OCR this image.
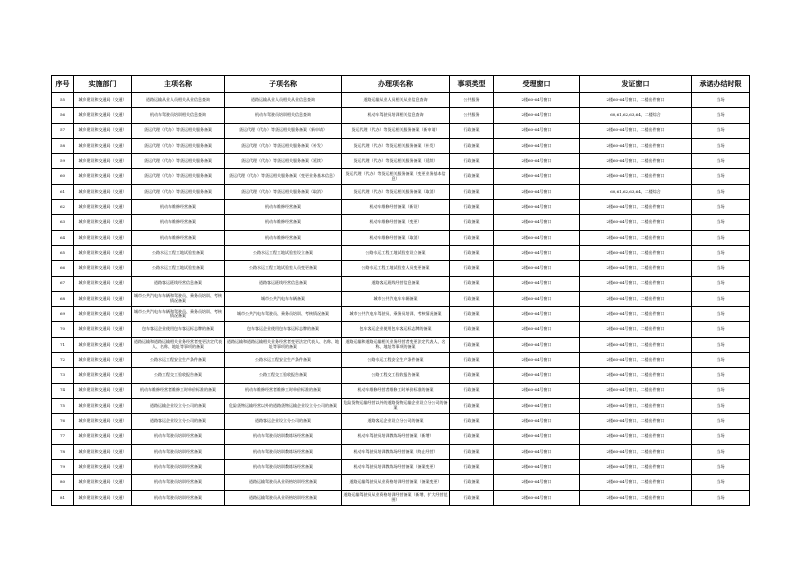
序号	实施部门	主项名称	子项名称	办理项名称	事项类型	受理窗口	发证窗口	承诺办结时限
55	城乡建设和交通局（交通）	道路运输从业人员相关从业信息查询	道路运输从业人员相关从业信息查询	道路运输从业人员相关从业信息查询	公共服务	2楼60-64号窗口	2楼60-64号窗口，二楼出件窗口	当场
56	城乡建设和交通局（交通）	机动车驾驶员培训相关信息查询	机动车驾驶员培训相关信息查询	机动车驾驶员培训相关信息查询	公共服务	2楼60-64号窗口	60,61,62,63,64，二楼综合	当场
57	城乡建设和交通局（交通）	货运代理（代办）等货运相关服务备案	货运代理（代办）等货运相关服务备案（新申请）	货运代理（代办）等货运相关服务备案（新申请）	行政备案	2楼60-64号窗口	2楼60-64号窗口，二楼出件窗口	当场
58	城乡建设和交通局（交通）	货运代理（代办）等货运相关服务备案	货运代理（代办）等货运相关服务备案（补发）	货运代理（代办）等货运相关服务备案（补发）	行政备案	2楼60-64号窗口	2楼60-64号窗口，二楼出件窗口	当场
59	城乡建设和交通局（交通）	货运代理（代办）等货运相关服务备案	货运代理（代办）等货运相关服务备案（延续）	货运代理（代办）等货运相关服务备案（延续）	行政备案	2楼60-64号窗口	2楼60-64号窗口，二楼出件窗口	当场
60	城乡建设和交通局（交通）	货运代理（代办）等货运相关服务备案	货运代理（代办）等货运相关服务备案（变更业务基本信息）	货运代理（代办）等货运相关服务备案（变更业务基本信息）	行政备案	2楼60-64号窗口	2楼60-64号窗口，二楼出件窗口	当场
61	城乡建设和交通局（交通）	货运代理（代办）等货运相关服务备案	货运代理（代办）等货运相关服务备案（取消）	货运代理（代办）等货运相关服务备案（取消）	行政备案	2楼60-64号窗口	60,61,62,63,64，二楼综合	当场
62	城乡建设和交通局（交通）	机动车维修经营备案	机动车维修经营备案	机动车维修经营备案（新设）	行政备案	2楼60-64号窗口	2楼60-64号窗口，二楼出件窗口	当场
63	城乡建设和交通局（交通）	机动车维修经营备案	机动车维修经营备案	机动车维修经营备案（变更）	行政备案	2楼60-64号窗口	2楼60-64号窗口，二楼出件窗口	当场
64	城乡建设和交通局（交通）	机动车维修经营备案	机动车维修经营备案	机动车维修经营备案（取消）	行政备案	2楼60-64号窗口	2楼60-64号窗口，二楼出件窗口	当场
65	城乡建设和交通局（交通）	公路水运工程工地试验室备案	公路水运工程工地试验室设立备案	公路水运工程工地试验室设立备案	行政备案	2楼60-64号窗口	2楼60-64号窗口，二楼出件窗口	当场
66	城乡建设和交通局（交通）	公路水运工程工地试验室备案	公路水运工程工地试验室人员变更备案	公路水运工程工地试验室人员变更备案	行政备案	2楼60-64号窗口	2楼60-64号窗口，二楼出件窗口	当场
67	城乡建设和交通局（交通）	道路客运班线经营信息备案	道路客运班线经营信息备案	道路客运班线经营信息备案	行政备案	2楼60-64号窗口	2楼60-64号窗口，二楼出件窗口	当场
68	城乡建设和交通局（交通）	城市公共汽电车车辆和驾驶员、乘务员培训、考核情况备案	城市公共汽电车车辆备案	城市公共汽电车车辆备案	行政备案	2楼60-64号窗口	2楼60-64号窗口，二楼出件窗口	当场
69	城乡建设和交通局（交通）	城市公共汽电车车辆和驾驶员、乘务员培训、考核情况备案	城市公共汽电车驾驶员、乘务员培训、考核情况备案	城市公共汽电车驾驶员、乘务员培训、考核情况备案	行政备案	2楼60-64号窗口	2楼60-64号窗口，二楼出件窗口	当场
70	城乡建设和交通局（交通）	包车客运企业使用包车客运标志牌的备案	包车客运企业使用包车客运标志牌的备案	包车客运企业使用包车客运标志牌的备案	行政备案	2楼60-64号窗口	2楼60-64号窗口，二楼出件窗口	当场
71	城乡建设和交通局（交通）	道路运输和道路运输相关业务经营者变更法定代表人、名称、地址等事项的备案	道路运输和道路运输相关业务经营者变更法定代表人、名称、地址等事项的备案	道路运输和道路运输相关业务经营者变更法定代表人、名称、地址等事项的备案	行政备案	2楼60-64号窗口	2楼60-64号窗口，二楼出件窗口	当场
72	城乡建设和交通局（交通）	公路水运工程安全生产条件备案	公路水运工程安全生产条件备案	公路水运工程安全生产条件备案	行政备案	2楼60-64号窗口	2楼60-64号窗口，二楼出件窗口	当场
73	城乡建设和交通局（交通）	公路工程交工验收报告备案	公路工程交工验收报告备案	公路工程交工验收报告备案	行政备案	2楼60-64号窗口	2楼60-64号窗口，二楼出件窗口	当场
74	城乡建设和交通局（交通）	机动车维修经营者维修工时单价标准的备案	机动车维修经营者维修工时单价标准的备案	机动车维修经营者维修工时单价标准的备案	行政备案	2楼60-64号窗口	2楼60-64号窗口，二楼出件窗口	当场
75	城乡建设和交通局（交通）	道路运输企业设立分公司的备案	危险货物运输经营以外的道路货物运输企业设立分公司的备案	危险货物运输经营以外的道路货物运输企业设立分公司的备案	行政备案	2楼60-64号窗口	2楼60-64号窗口，二楼出件窗口	当场
76	城乡建设和交通局（交通）	道路客运企业设立分公司的备案	道路客运企业设立分公司的备案	道路客运企业设立分公司的备案	行政备案	2楼60-64号窗口	2楼60-64号窗口，二楼出件窗口	当场
77	城乡建设和交通局（交通）	机动车驾驶员培训经营备案	机动车驾驶员培训教练场经营备案	机动车驾驶员培训教练场经营备案（新增）	行政备案	2楼60-64号窗口	2楼60-64号窗口，二楼出件窗口	当场
78	城乡建设和交通局（交通）	机动车驾驶员培训经营备案	机动车驾驶员培训教练场经营备案	机动车驾驶员培训教练场经营备案（终止经营）	行政备案	2楼60-64号窗口	2楼60-64号窗口，二楼出件窗口	当场
79	城乡建设和交通局（交通）	机动车驾驶员培训经营备案	机动车驾驶员培训教练场经营备案	机动车驾驶员培训教练场经营备案（备案变更）	行政备案	2楼60-64号窗口	2楼60-64号窗口，二楼出件窗口	当场
80	城乡建设和交通局（交通）	机动车驾驶员培训经营备案	道路运输驾驶员从业资格培训经营备案	道路运输驾驶员从业资格培训经营备案（备案变更）	行政备案	2楼60-64号窗口	2楼60-64号窗口，二楼出件窗口	当场
81	城乡建设和交通局（交通）	机动车驾驶员培训经营备案	道路运输驾驶员从业资格培训经营备案	道路运输驾驶员从业资格培训经营备案（新增、扩大经营范围）	行政备案	2楼60-64号窗口	2楼60-64号窗口，二楼出件窗口	当场
